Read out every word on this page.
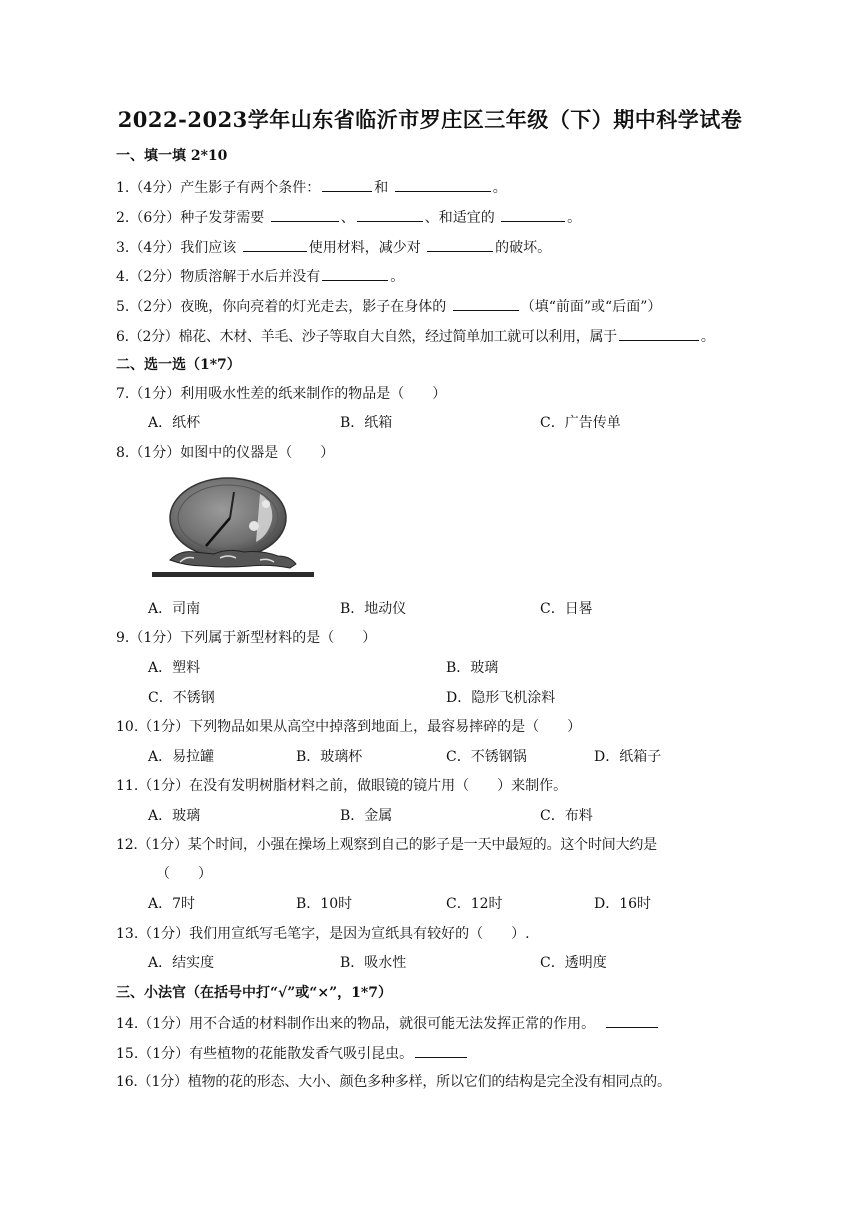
2022-2023学年山东省临沂市罗庄区三年级（下）期中科学试卷
一、填一填 2*10
1.（4分）产生影子有两个条件：	和	。
2.（6分）种子发芽需要	、	、和适宜的	。
3.（4分）我们应该	使用材料，减少对	的破坏。
4.（2分）物质溶解于水后并没有	。
5.（2分）夜晚，你向亮着的灯光走去，影子在身体的	（填“前面”或“后面”）
6.（2分）棉花、木材、羊毛、沙子等取自大自然，经过简单加工就可以利用，属于	。
二、选一选（1*7）
7.（1分）利用吸水性差的纸来制作的物品是（　　）
A．纸杯	B．纸箱	C．广告传单
8.（1分）如图中的仪器是（　　）
A．司南	B．地动仪	C．日晷
9.（1分）下列属于新型材料的是（　　）
A．塑料	B．玻璃
C．不锈钢	D．隐形飞机涂料
10.（1分）下列物品如果从高空中掉落到地面上，最容易摔碎的是（　　）
A．易拉罐	B．玻璃杯	C．不锈钢锅	D．纸箱子
11.（1分）在没有发明树脂材料之前，做眼镜的镜片用（　　）来制作。
A．玻璃	B．金属	C．布料
12.（1分）某个时间，小强在操场上观察到自己的影子是一天中最短的。这个时间大约是
（　　）
A．7时	B．10时	C．12时	D．16时
13.（1分）我们用宣纸写毛笔字，是因为宣纸具有较好的（　　）.
A．结实度	B．吸水性	C．透明度
三、小法官（在括号中打“√”或“×”，1*7）
14.（1分）用不合适的材料制作出来的物品，就很可能无法发挥正常的作用。
15.（1分）有些植物的花能散发香气吸引昆虫。
16.（1分）植物的花的形态、大小、颜色多种多样，所以它们的结构是完全没有相同点的。
